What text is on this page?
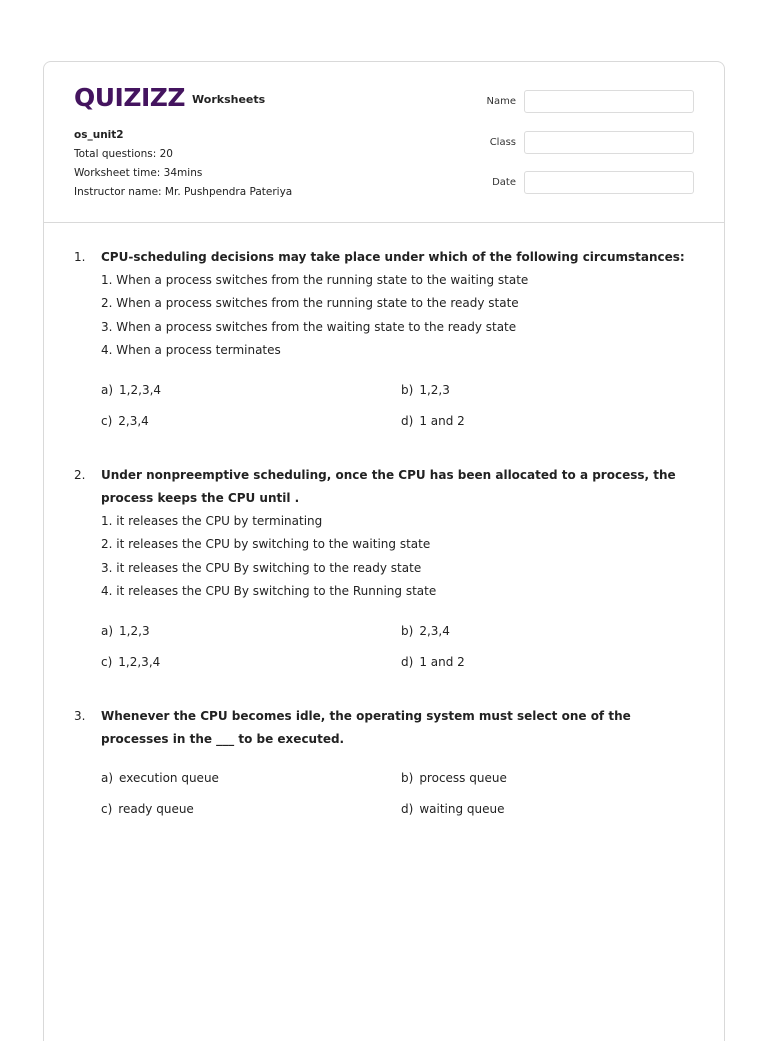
QUIZIZZ Worksheets
os_unit2
Total questions: 20
Worksheet time: 34mins
Instructor name: Mr. Pushpendra Pateriya
Name
Class
Date
1. CPU-scheduling decisions may take place under which of the following circumstances:

1. When a process switches from the running state to the waiting state

2. When a process switches from the running state to the ready state

3. When a process switches from the waiting state to the ready state

4. When a process terminates

a) 1,2,3,4	b) 1,2,3
c) 2,3,4	d) 1 and 2
2. Under nonpreemptive scheduling, once the CPU has been allocated to a process, the process keeps the CPU until .

1. it releases the CPU by terminating

2. it releases the CPU by switching to the waiting state

3. it releases the CPU By switching to the ready state

4. it releases the CPU By switching to the Running state

a) 1,2,3	b) 2,3,4
c) 1,2,3,4	d) 1 and 2
3. Whenever the CPU becomes idle, the operating system must select one of the processes in the ___ to be executed.

a) execution queue	b) process queue
c) ready queue	d) waiting queue
